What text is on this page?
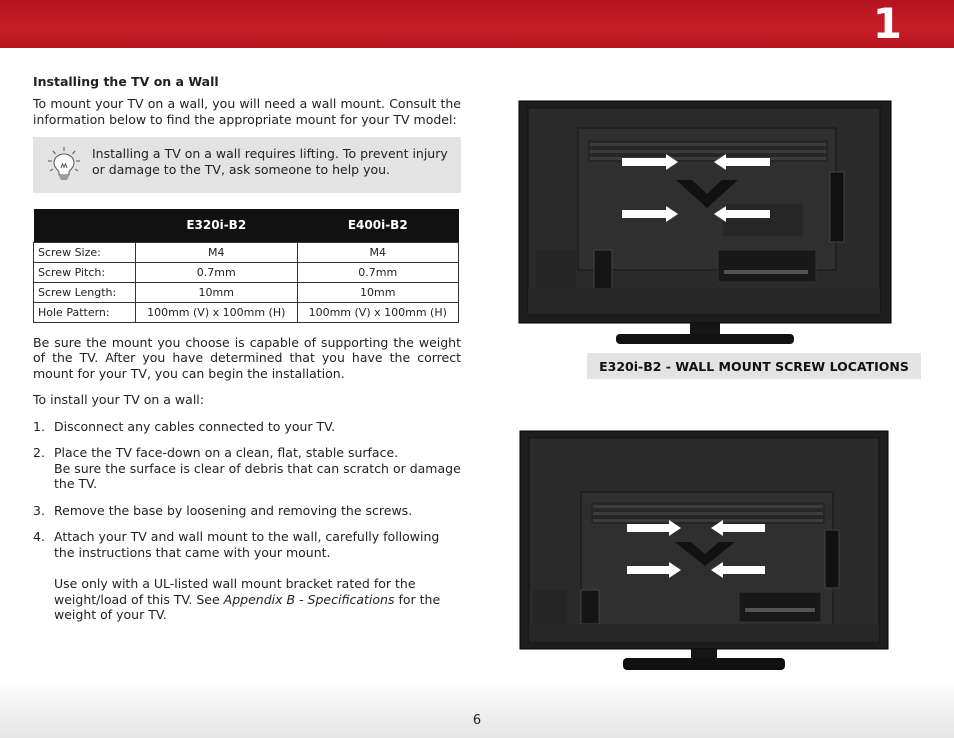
1
Installing the TV on a Wall

To mount your TV on a wall, you will need a wall mount. Consult the information below to find the appropriate mount for your TV model:

Installing a TV on a wall requires lifting. To prevent injury or damage to the TV, ask someone to help you.
	E320i-B2	E400i-B2
Screw Size:	M4	M4
Screw Pitch:	0.7mm	0.7mm
Screw Length:	10mm	10mm
Hole Pattern:	100mm (V) x 100mm (H)	100mm (V) x 100mm (H)

Be sure the mount you choose is capable of supporting the weight of the TV. After you have determined that you have the correct mount for your TV, you can begin the installation.

To install your TV on a wall:

1. Disconnect any cables connected to your TV.
2. Place the TV face-down on a clean, flat, stable surface.
Be sure the surface is clear of debris that can scratch or damage the TV.
3. Remove the base by loosening and removing the screws.
4. Attach your TV and wall mount to the wall, carefully following the instructions that came with your mount.
Use only with a UL-listed wall mount bracket rated for the weight/load of this TV. See Appendix B - Specifications for the weight of your TV.
E320i-B2 - WALL MOUNT SCREW LOCATIONS
6
